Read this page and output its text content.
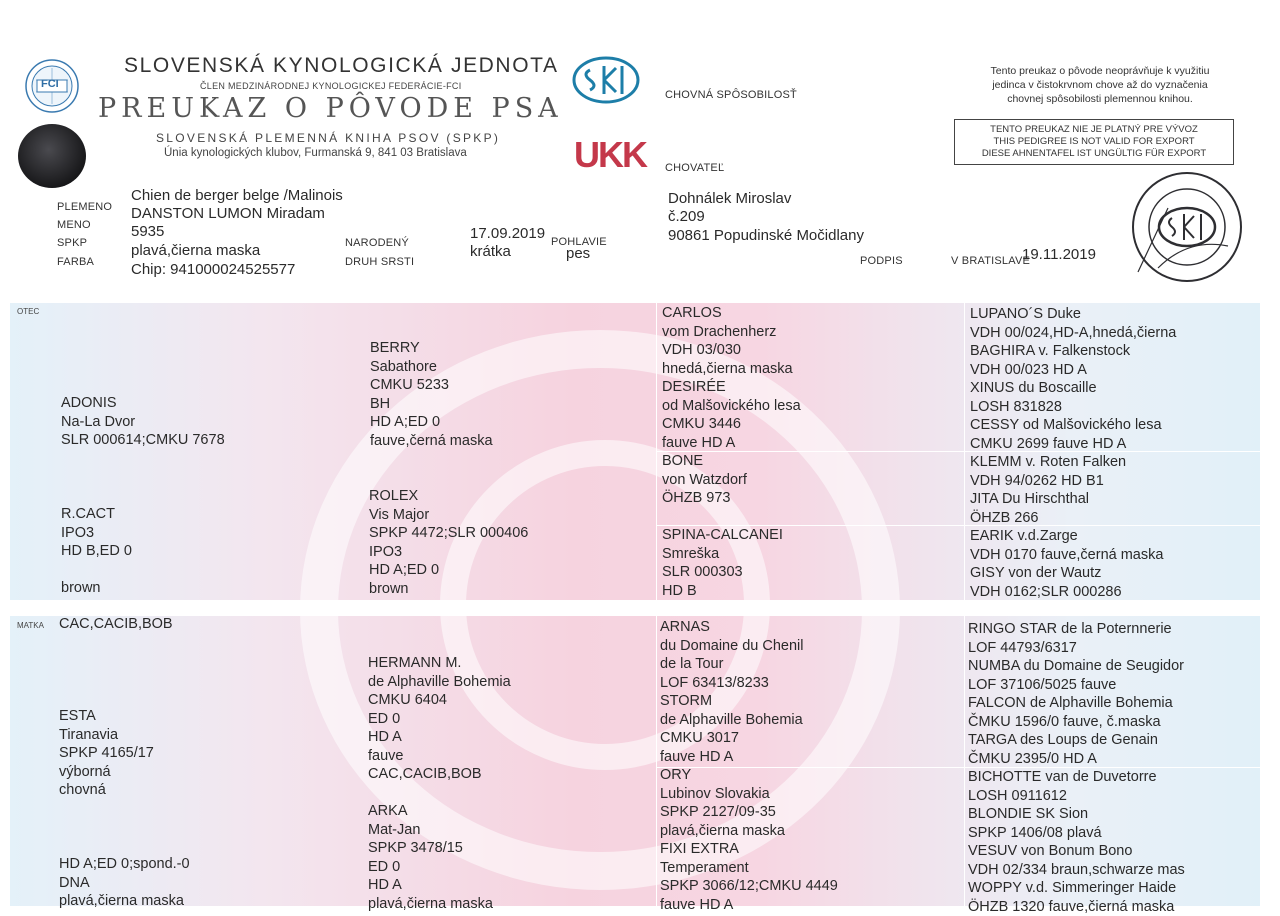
FCI
SLOVENSKÁ KYNOLOGICKÁ JEDNOTA
ČLEN MEDZINÁRODNEJ KYNOLOGICKEJ FEDERÁCIE-FCI
PREUKAZ O PÔVODE PSA
SLOVENSKÁ PLEMENNÁ KNIHA PSOV (SPKP)
Únia kynologických klubov, Furmanská 9, 841 03 Bratislava	UKK
CHOVNÁ SPÔSOBILOSŤ
CHOVATEĽ
Tento preukaz o pôvode neoprávňuje k využitiu
jedinca v čistokrvnom chove až do vyznačenia
chovnej spôsobilosti plemennou knihou.
TENTO PREUKAZ NIE JE PLATNÝ PRE VÝVOZ
THIS PEDIGREE IS NOT VALID FOR EXPORT
DIESE AHNENTAFEL IST UNGÜLTIG FÜR EXPORT
PLEMENO
MENO
SPKP
FARBA
Chien de berger belge /Malinois
DANSTON LUMON Miradam
5935
plavá,čierna maska
Chip: 941000024525577
NARODENÝ
DRUH SRSTI
17.09.2019
krátka
POHLAVIE
pes
Dohnálek Miroslav
č.209
90861 Popudinské Močidlany
PODPIS	V BRATISLAVE
19.11.2019
OTEC
MATKA
ADONIS
Na-La Dvor
SLR 000614;CMKU 7678
R.CACT
IPO3
HD B,ED 0
brown
BERRY
Sabathore
CMKU 5233
BH
HD A;ED 0
fauve,černá maska
ROLEX
Vis Major
SPKP 4472;SLR 000406
IPO3
HD A;ED 0
brown
CARLOS
vom Drachenherz
VDH 03/030
hnedá,čierna maska
DESIRÉE
od Malšovického lesa
CMKU 3446
fauve HD A
BONE
von Watzdorf
ÖHZB 973
SPINA-CALCANEI
Smreška
SLR 000303
HD B
LUPANO´S Duke
VDH 00/024,HD-A,hnedá,čierna
BAGHIRA v. Falkenstock
VDH 00/023 HD A
XINUS du Boscaille
LOSH 831828
CESSY od Malšovického lesa
CMKU 2699 fauve HD A
KLEMM v. Roten Falken
VDH 94/0262 HD B1
JITA Du Hirschthal
ÖHZB 266
EARIK v.d.Zarge
VDH 0170 fauve,černá maska
GISY von der Wautz
VDH 0162;SLR 000286
CAC,CACIB,BOB
ESTA
Tiranavia
SPKP 4165/17
výborná
chovná
HD A;ED 0;spond.-0
DNA
plavá,čierna maska
HERMANN M.
de Alphaville Bohemia
CMKU 6404
ED 0
HD A
fauve
CAC,CACIB,BOB
ARKA
Mat-Jan
SPKP 3478/15
ED 0
HD A
plavá,čierna maska
ARNAS
du Domaine du Chenil
de la Tour
LOF 63413/8233
STORM
de Alphaville Bohemia
CMKU 3017
fauve HD A
ORY
Lubinov Slovakia
SPKP 2127/09-35
plavá,čierna maska
FIXI EXTRA
Temperament
SPKP 3066/12;CMKU 4449
fauve HD A
RINGO STAR de la Poternnerie
LOF 44793/6317
NUMBA du Domaine de Seugidor
LOF 37106/5025 fauve
FALCON de Alphaville Bohemia
ČMKU 1596/0 fauve, č.maska
TARGA des Loups de Genain
ČMKU 2395/0 HD A
BICHOTTE van de Duvetorre
LOSH 0911612
BLONDIE SK Sion
SPKP 1406/08 plavá
VESUV von Bonum Bono
VDH 02/334 braun,schwarze mas
WOPPY v.d. Simmeringer Haide
ÖHZB 1320 fauve,čierná maska
